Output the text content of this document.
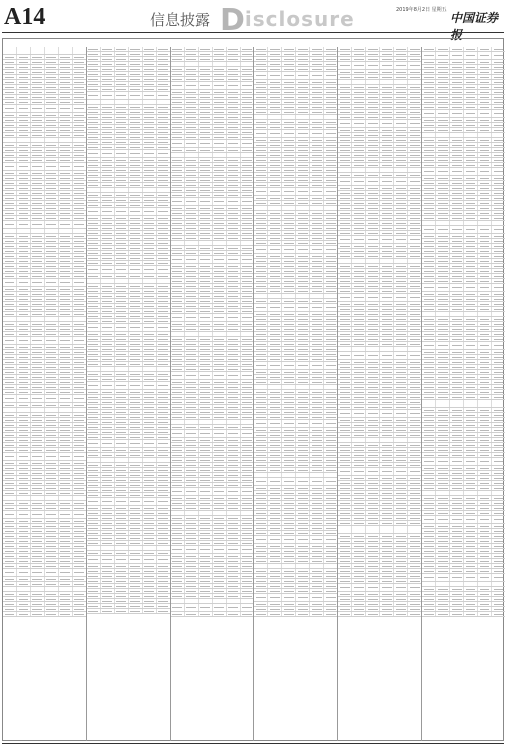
A14	信息披露 Disclosure	2019年8月2日 星期五
中国证券报
